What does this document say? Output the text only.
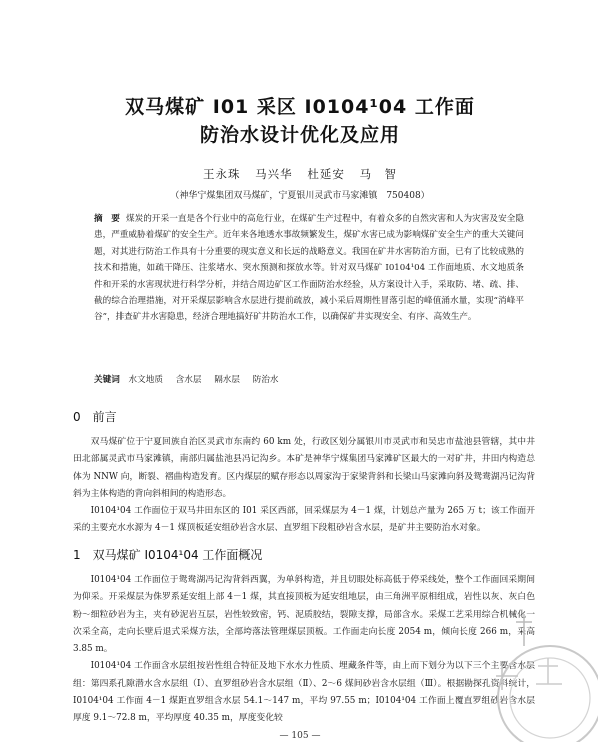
双马煤矿 I01 采区 I0104¹04 工作面
防治水设计优化及应用
王永珠 马兴华 杜延安 马　智
（神华宁煤集团双马煤矿，宁夏银川灵武市马家滩镇　750408）
摘　要 煤炭的开采一直是各个行业中的高危行业，在煤矿生产过程中，有着众多的自然灾害和人为灾害及安全隐患，严重威胁着煤矿的安全生产。近年来各地透水事故频繁发生，煤矿水害已成为影响煤矿安全生产的重大关键问题，对其进行防治工作具有十分重要的现实意义和长远的战略意义。我国在矿井水害防治方面，已有了比较成熟的技术和措施，如疏干降压、注浆堵水、突水预测和探放水等。针对双马煤矿 I0104¹04 工作面地质、水文地质条件和开采的水害现状进行科学分析，并结合周边矿区工作面防治水经验，从方案设计入手，采取防、堵、疏、排、截的综合治理措施，对开采煤层影响含水层进行提前疏放，减小采后周期性冒落引起的峰值涌水量，实现“消峰平谷”，排查矿井水害隐患，经济合理地搞好矿井防治水工作，以确保矿井实现安全、有序、高效生产。
关键词 水文地质 含水层 隔水层 防治水
0 前言

双马煤矿位于宁夏回族自治区灵武市东南约 60 km 处，行政区划分属银川市灵武市和吴忠市盐池县管辖，其中井田北部属灵武市马家滩镇，南部归属盐池县冯记沟乡。本矿是神华宁煤集团马家滩矿区最大的一对矿井，井田内构造总体为 NNW 向，断裂、褶曲构造发育。区内煤层的赋存形态以周家沟于家梁背斜和长梁山马家滩向斜及鸳鸯湖冯记沟背斜为主体构造的背向斜相间的构造形态。

I0104¹04 工作面位于双马井田东区的 I01 采区西部，回采煤层为 4－1 煤，计划总产量为 265 万 t；该工作面开采的主要充水水源为 4－1 煤顶板延安组砂岩含水层、直罗组下段粗砂岩含水层，是矿井主要防治水对象。

1 双马煤矿 I0104¹04 工作面概况

I0104¹04 工作面位于鸳鸯湖冯记沟背斜西翼，为单斜构造，并且切眼处标高低于停采线处，整个工作面回采期间为仰采。开采煤层为侏罗系延安组上部 4－1 煤，其直接顶板为延安组地层，由三角洲平原相组成，岩性以灰、灰白色粉～细粒砂岩为主，夹有砂泥岩互层，岩性较致密，钙、泥质胶结，裂隙支撑，局部含水。采煤工艺采用综合机械化一次采全高，走向长壁后退式采煤方法，全部垮落法管理煤层顶板。工作面走向长度 2054 m，倾向长度 266 m，采高 3.85 m。

I0104¹04 工作面含水层组按岩性组合特征及地下水水力性质、埋藏条件等，由上而下划分为以下三个主要含水层组：第四系孔隙潜水含水层组（Ⅰ）、直罗组砂岩含水层组（Ⅱ）、2～6 煤间砂岩含水层组（Ⅲ）。根据勘探孔资料统计，I0104¹04 工作面 4－1 煤距直罗组含水层 54.1～147 m，平均 97.55 m；I0104¹04 工作面上覆直罗组砂岩含水层厚度 9.1～72.8 m，平均厚度 40.35 m，厚度变化较

— 105 —
